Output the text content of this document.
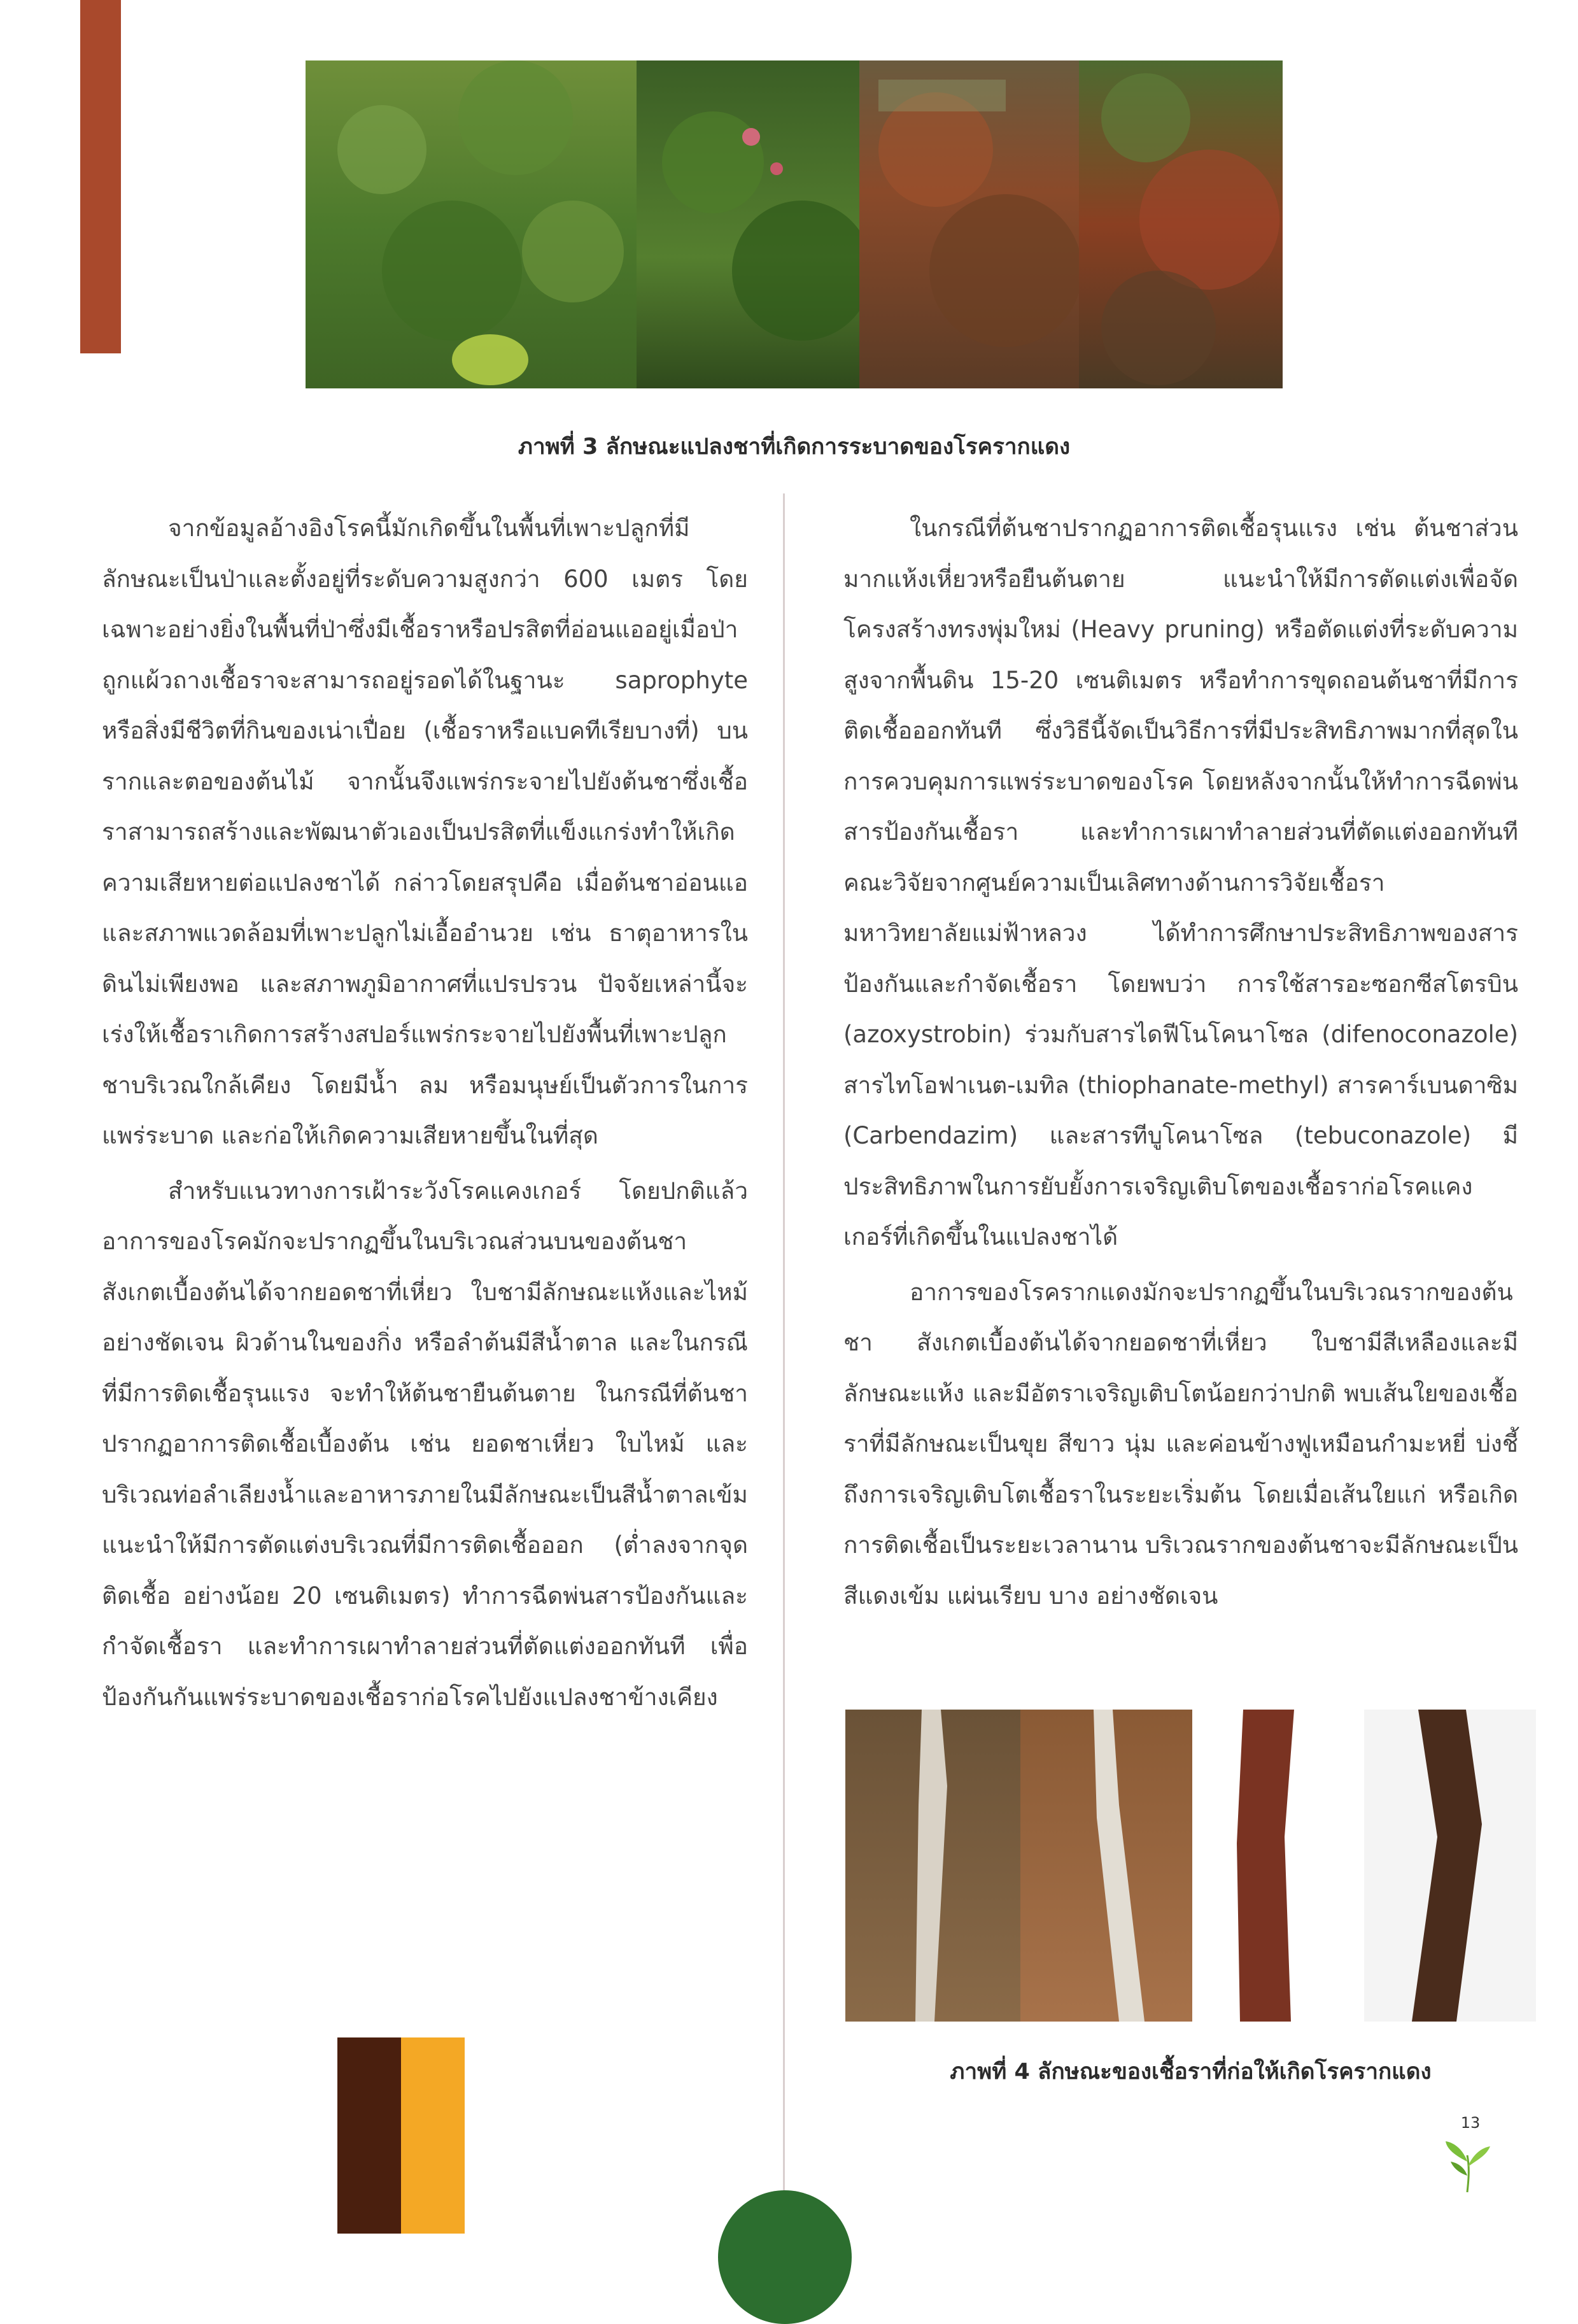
ภาพที่ 3 ลักษณะแปลงชาที่เกิดการระบาดของโรครากแดง

จากข้อมูลอ้างอิงโรคนี้มักเกิดขึ้นในพื้นที่เพาะปลูกที่มีลักษณะเป็นป่าและตั้งอยู่ที่ระดับความสูงกว่า 600 เมตร โดยเฉพาะอย่างยิ่งในพื้นที่ป่าซึ่งมีเชื้อราหรือปรสิตที่อ่อนแออยู่เมื่อป่าถูกแผ้วถางเชื้อราจะสามารถอยู่รอดได้ในฐานะ saprophyte หรือสิ่งมีชีวิตที่กินของเน่าเปื่อย (เชื้อราหรือแบคทีเรียบางที่) บนรากและตอของต้นไม้ จากนั้นจึงแพร่กระจายไปยังต้นชาซึ่งเชื้อราสามารถสร้างและพัฒนาตัวเองเป็นปรสิตที่แข็งแกร่งทำให้เกิดความเสียหายต่อแปลงชาได้ กล่าวโดยสรุปคือ เมื่อต้นชาอ่อนแอ และสภาพแวดล้อมที่เพาะปลูกไม่เอื้ออำนวย เช่น ธาตุอาหารในดินไม่เพียงพอ และสภาพภูมิอากาศที่แปรปรวน ปัจจัยเหล่านี้จะเร่งให้เชื้อราเกิดการสร้างสปอร์แพร่กระจายไปยังพื้นที่เพาะปลูกชาบริเวณใกล้เคียง โดยมีน้ำ ลม หรือมนุษย์เป็นตัวการในการแพร่ระบาด และก่อให้เกิดความเสียหายขึ้นในที่สุด

สำหรับแนวทางการเฝ้าระวังโรคแคงเกอร์ โดยปกติแล้วอาการของโรคมักจะปรากฏขึ้นในบริเวณส่วนบนของต้นชา สังเกตเบื้องต้นได้จากยอดชาที่เหี่ยว ใบชามีลักษณะแห้งและไหม้อย่างชัดเจน ผิวด้านในของกิ่ง หรือลำต้นมีสีน้ำตาล และในกรณีที่มีการติดเชื้อรุนแรง จะทำให้ต้นชายืนต้นตาย ในกรณีที่ต้นชาปรากฏอาการติดเชื้อเบื้องต้น เช่น ยอดชาเหี่ยว ใบไหม้ และบริเวณท่อลำเลียงน้ำและอาหารภายในมีลักษณะเป็นสีน้ำตาลเข้ม แนะนำให้มีการตัดแต่งบริเวณที่มีการติดเชื้อออก (ต่ำลงจากจุดติดเชื้อ อย่างน้อย 20 เซนติเมตร) ทำการฉีดพ่นสารป้องกันและกำจัดเชื้อรา และทำการเผาทำลายส่วนที่ตัดแต่งออกทันที เพื่อป้องกันกันแพร่ระบาดของเชื้อราก่อโรคไปยังแปลงชาข้างเคียง

ในกรณีที่ต้นชาปรากฏอาการติดเชื้อรุนแรง เช่น ต้นชาส่วนมากแห้งเหี่ยวหรือยืนต้นตาย แนะนำให้มีการตัดแต่งเพื่อจัดโครงสร้างทรงพุ่มใหม่ (Heavy pruning) หรือตัดแต่งที่ระดับความสูงจากพื้นดิน 15-20 เซนติเมตร หรือทำการขุดถอนต้นชาที่มีการติดเชื้อออกทันที ซึ่งวิธีนี้จัดเป็นวิธีการที่มีประสิทธิภาพมากที่สุดในการควบคุมการแพร่ระบาดของโรค โดยหลังจากนั้นให้ทำการฉีดพ่นสารป้องกันเชื้อรา และทำการเผาทำลายส่วนที่ตัดแต่งออกทันที คณะวิจัยจากศูนย์ความเป็นเลิศทางด้านการวิจัยเชื้อรา มหาวิทยาลัยแม่ฟ้าหลวง ได้ทำการศึกษาประสิทธิภาพของสารป้องกันและกำจัดเชื้อรา โดยพบว่า การใช้สารอะซอกซีสโตรบิน (azoxystrobin) ร่วมกับสารไดฟีโนโคนาโซล (difenoconazole) สารไทโอฟาเนต-เมทิล (thiophanate-methyl) สารคาร์เบนดาซิม (Carbendazim) และสารทีบูโคนาโซล (tebuconazole) มีประสิทธิภาพในการยับยั้งการเจริญเติบโตของเชื้อราก่อโรคแคงเกอร์ที่เกิดขึ้นในแปลงชาได้

อาการของโรครากแดงมักจะปรากฏขึ้นในบริเวณรากของต้นชา สังเกตเบื้องต้นได้จากยอดชาที่เหี่ยว ใบชามีสีเหลืองและมีลักษณะแห้ง และมีอัตราเจริญเติบโตน้อยกว่าปกติ พบเส้นใยของเชื้อราที่มีลักษณะเป็นขุย สีขาว นุ่ม และค่อนข้างฟูเหมือนกำมะหยี่ บ่งชี้ถึงการเจริญเติบโตเชื้อราในระยะเริ่มต้น โดยเมื่อเส้นใยแก่ หรือเกิดการติดเชื้อเป็นระยะเวลานาน บริเวณรากของต้นชาจะมีลักษณะเป็นสีแดงเข้ม แผ่นเรียบ บาง อย่างชัดเจน

ภาพที่ 4 ลักษณะของเชื้อราที่ก่อให้เกิดโรครากแดง
13
